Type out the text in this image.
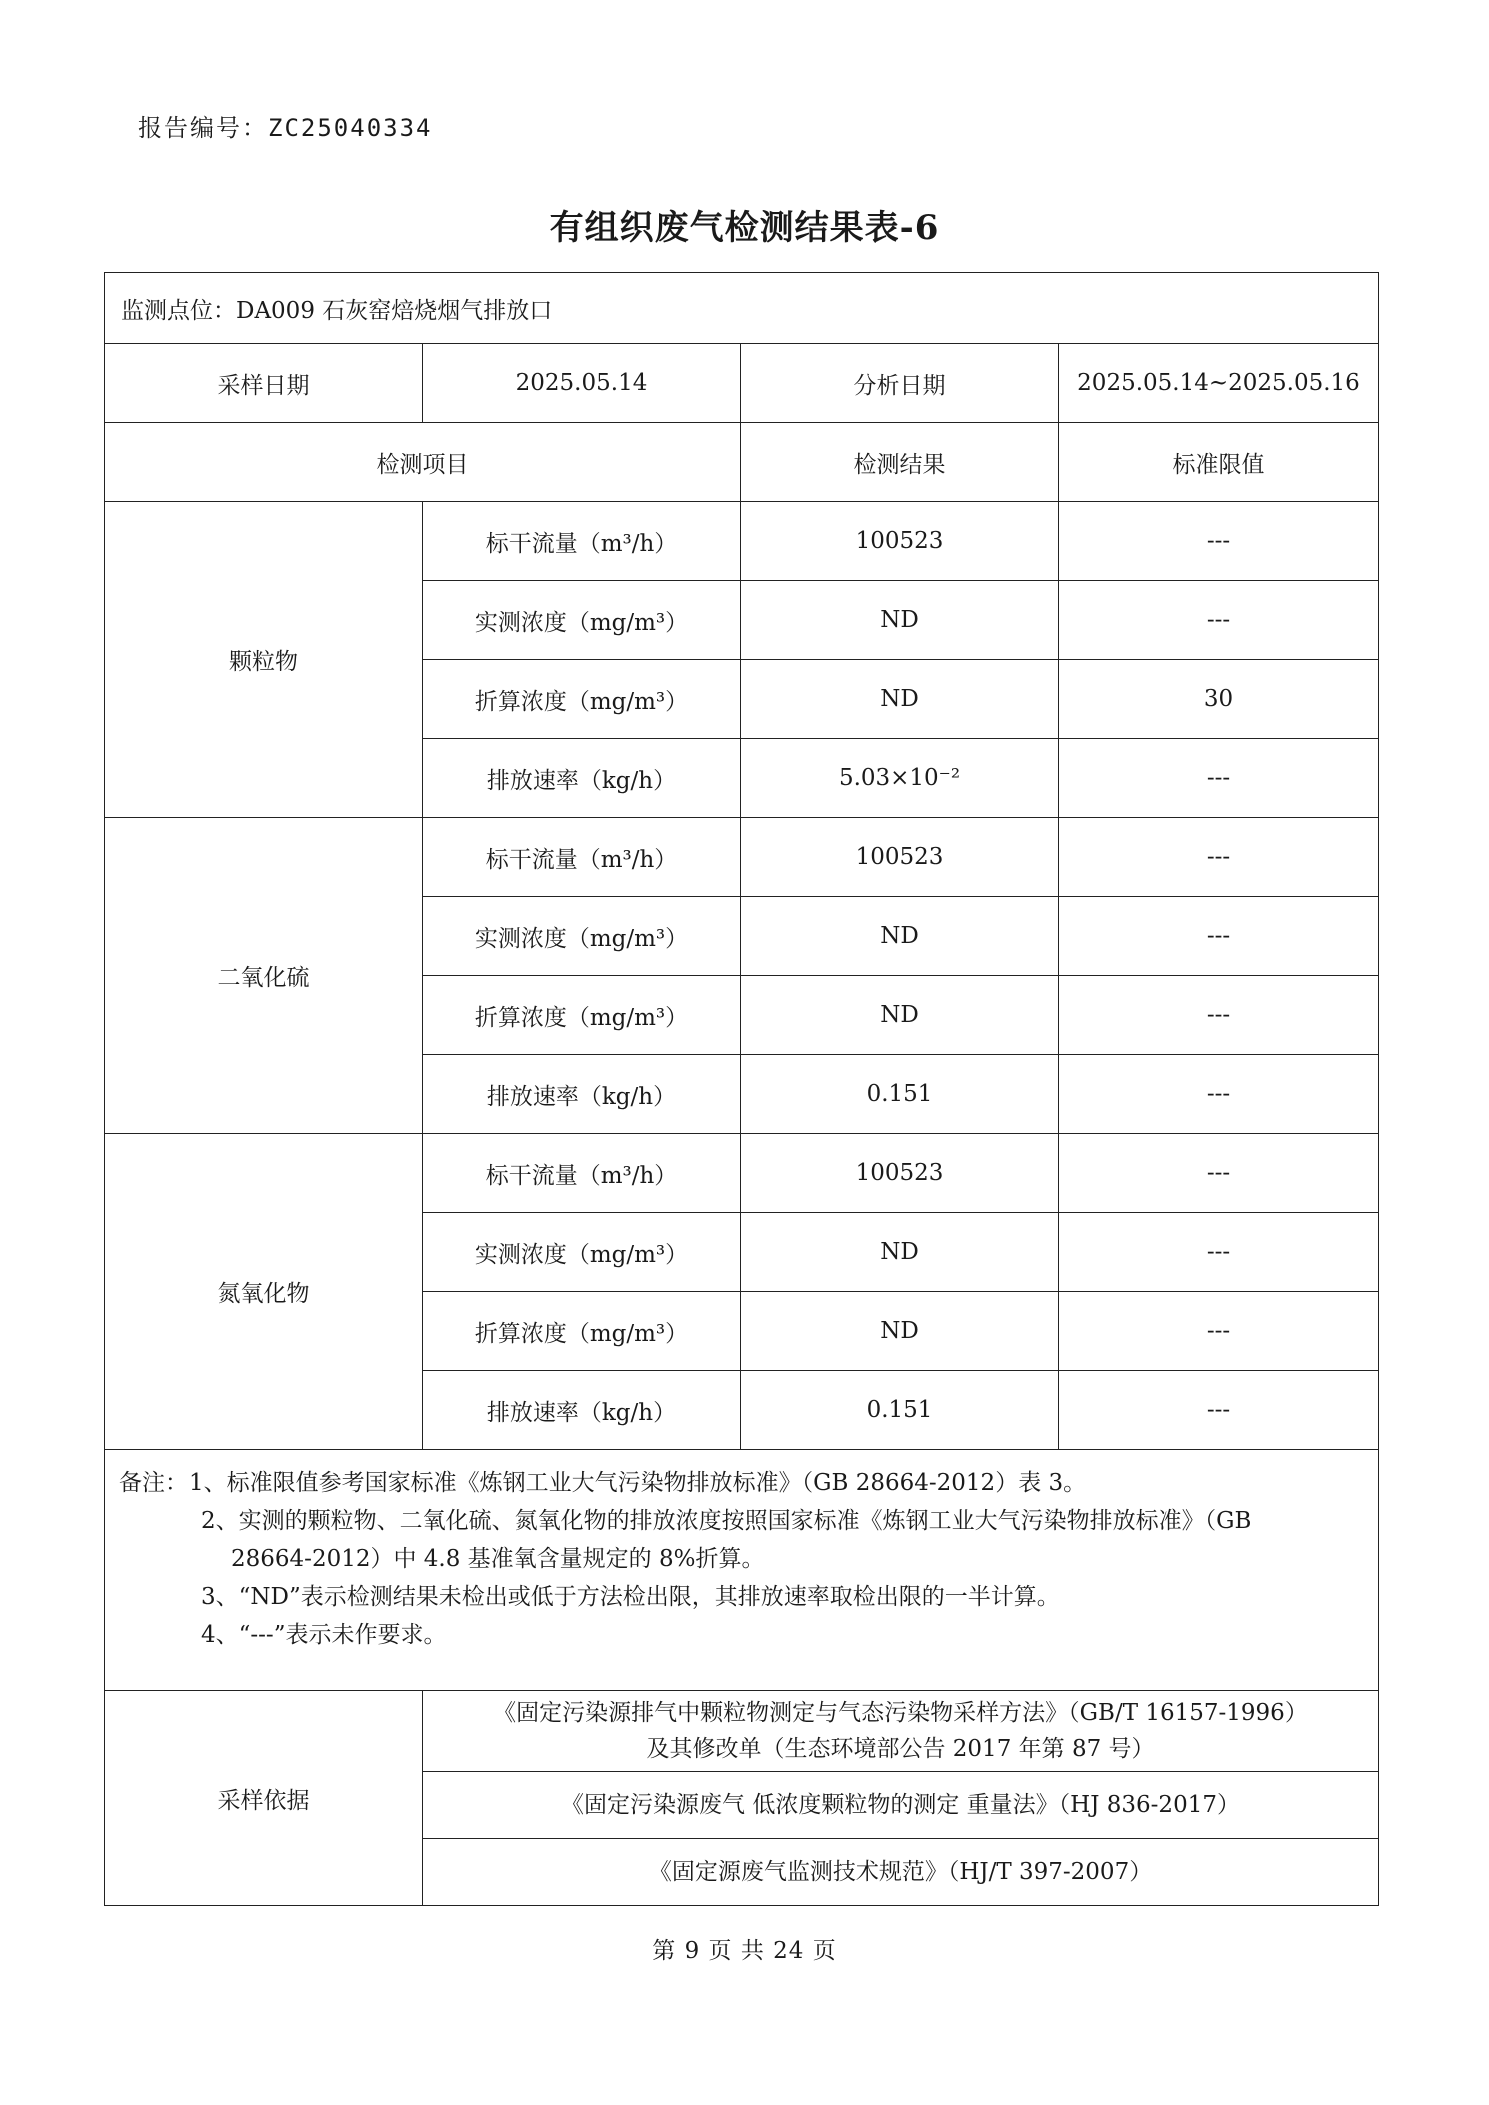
报告编号：ZC25040334
有组织废气检测结果表-6
监测点位：DA009 石灰窑焙烧烟气排放口			
采样日期	2025.05.14	分析日期	2025.05.14~2025.05.16
检测项目		检测结果	标准限值
颗粒物	标干流量（m³/h）	100523	---
	实测浓度（mg/m³）	ND	---
	折算浓度（mg/m³）	ND	30
	排放速率（kg/h）	5.03×10⁻²	---
二氧化硫	标干流量（m³/h）	100523	---
	实测浓度（mg/m³）	ND	---
	折算浓度（mg/m³）	ND	---
	排放速率（kg/h）	0.151	---
氮氧化物	标干流量（m³/h）	100523	---
	实测浓度（mg/m³）	ND	---
	折算浓度（mg/m³）	ND	---
	排放速率（kg/h）	0.151	---

备注：1、标准限值参考国家标准《炼钢工业大气污染物排放标准》（GB 28664-2012）表 3。
2、实测的颗粒物、二氧化硫、氮氧化物的排放浓度按照国家标准《炼钢工业大气污染物排放标准》（GB
28664-2012）中 4.8 基准氧含量规定的 8%折算。
3、“ND”表示检测结果未检出或低于方法检出限，其排放速率取检出限的一半计算。
4、“---”表示未作要求。			

采样依据	《固定污染源排气中颗粒物测定与气态污染物采样方法》（GB/T 16157-1996）
及其修改单（生态环境部公告 2017 年第 87 号）		

	《固定污染源废气 低浓度颗粒物的测定 重量法》（HJ 836-2017）		
	《固定源废气监测技术规范》（HJ/T 397-2007）		
第 9 页 共 24 页
